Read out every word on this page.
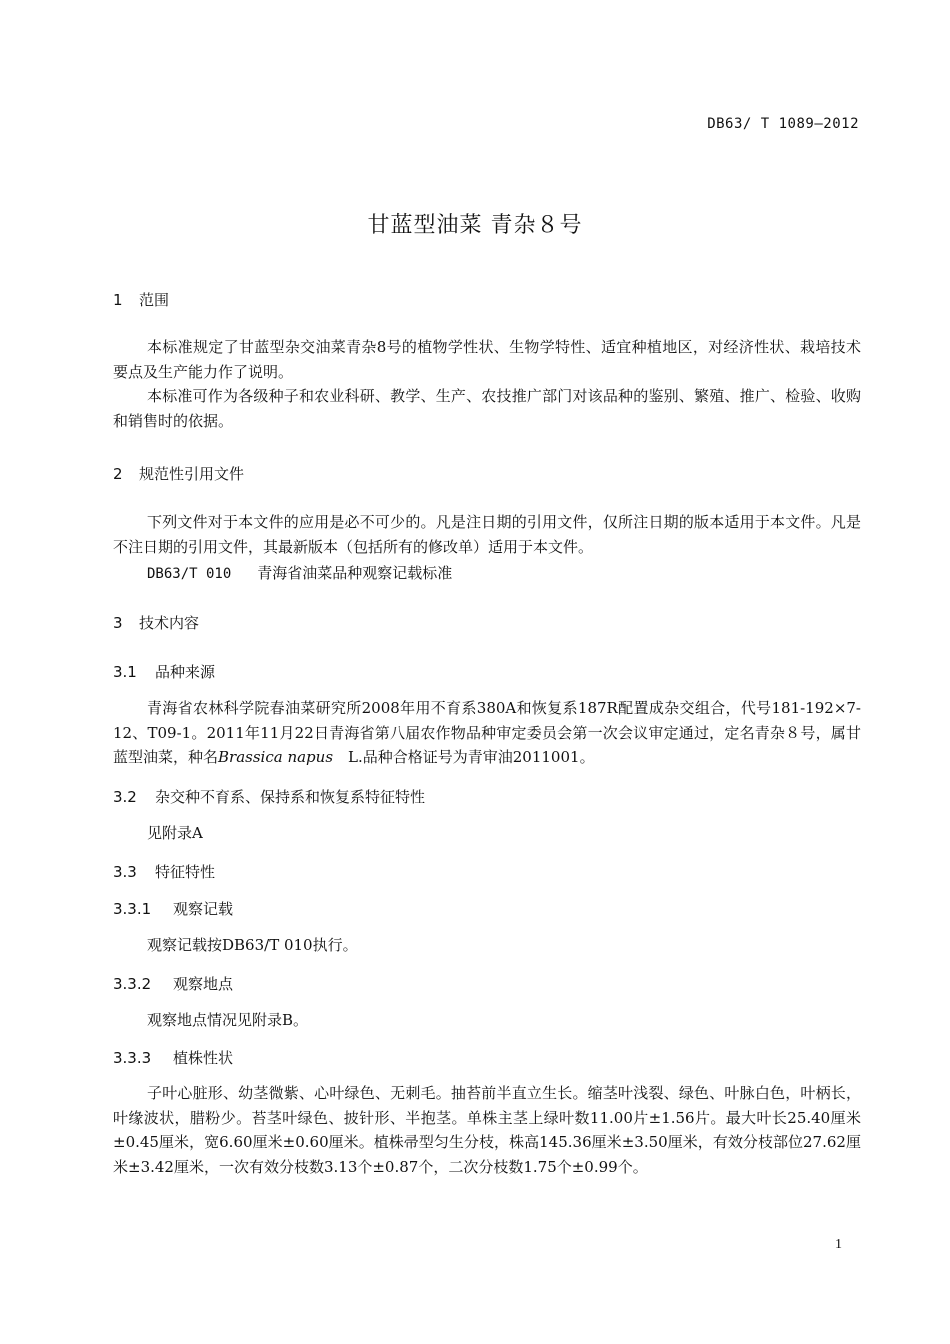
DB63/ T 1089—2012
甘蓝型油菜 青杂８号
1 范围
本标准规定了甘蓝型杂交油菜青杂8号的植物学性状、生物学特性、适宜种植地区，对经济性状、栽培技术要点及生产能力作了说明。
本标准可作为各级种子和农业科研、教学、生产、农技推广部门对该品种的鉴别、繁殖、推广、检验、收购和销售时的依据。
2 规范性引用文件
下列文件对于本文件的应用是必不可少的。凡是注日期的引用文件，仅所注日期的版本适用于本文件。凡是不注日期的引用文件，其最新版本（包括所有的修改单）适用于本文件。
DB63/T 010 青海省油菜品种观察记载标准
3 技术内容
3.1 品种来源
青海省农林科学院春油菜研究所2008年用不育系380A和恢复系187R配置成杂交组合，代号181-192×7-12、T09-1。2011年11月22日青海省第八届农作物品种审定委员会第一次会议审定通过，定名青杂８号，属甘蓝型油菜，种名Brassica napus　L.品种合格证号为青审油2011001。
3.2 杂交种不育系、保持系和恢复系特征特性
见附录A
3.3 特征特性
3.3.1 观察记载
观察记载按DB63/T 010执行。
3.3.2 观察地点
观察地点情况见附录B。
3.3.3 植株性状
子叶心脏形、幼茎微紫、心叶绿色、无刺毛。抽苔前半直立生长。缩茎叶浅裂、绿色、叶脉白色，叶柄长，叶缘波状，腊粉少。苔茎叶绿色、披针形、半抱茎。单株主茎上绿叶数11.00片±1.56片。最大叶长25.40厘米±0.45厘米，宽6.60厘米±0.60厘米。植株帚型匀生分枝，株高145.36厘米±3.50厘米，有效分枝部位27.62厘米±3.42厘米，一次有效分枝数3.13个±0.87个，二次分枝数1.75个±0.99个。
1
